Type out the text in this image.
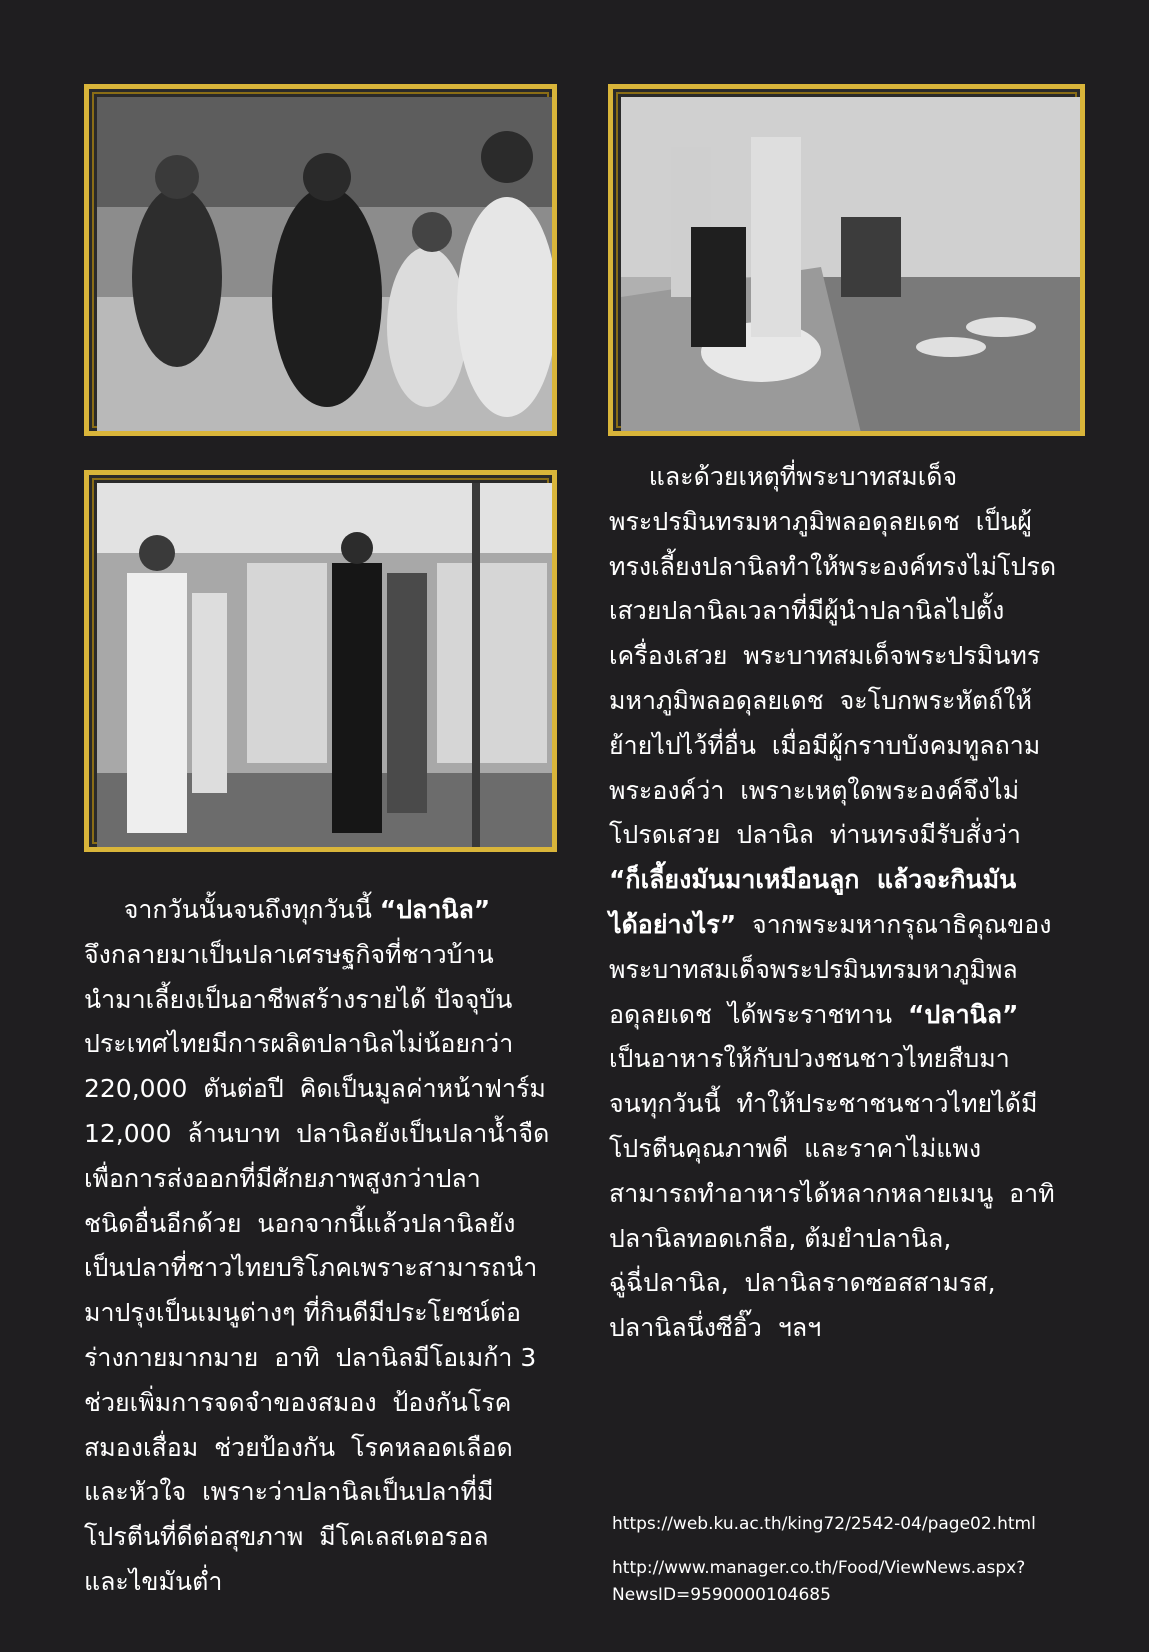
และด้วยเหตุที่พระบาทสมเด็จ

พระปรมินทรมหาภูมิพลอดุลยเดช  เป็นผู้

ทรงเลี้ยงปลานิลทำให้พระองค์ทรงไม่โปรด

เสวยปลานิลเวลาที่มีผู้นำปลานิลไปตั้ง

เครื่องเสวย  พระบาทสมเด็จพระปรมินทร

มหาภูมิพลอดุลยเดช  จะโบกพระหัตถ์ให้

ย้ายไปไว้ที่อื่น  เมื่อมีผู้กราบบังคมทูลถาม

พระองค์ว่า  เพราะเหตุใดพระองค์จึงไม่

โปรดเสวย  ปลานิล  ท่านทรงมีรับสั่งว่า

“ก็เลี้ยงมันมาเหมือนลูก  แล้วจะกินมัน

ได้อย่างไร”  จากพระมหากรุณาธิคุณของ

พระบาทสมเด็จพระปรมินทรมหาภูมิพล

อดุลยเดช  ได้พระราชทาน  “ปลานิล”

เป็นอาหารให้กับปวงชนชาวไทยสืบมา

จนทุกวันนี้  ทำให้ประชาชนชาวไทยได้มี

โปรตีนคุณภาพดี  และราคาไม่แพง

สามารถทำอาหารได้หลากหลายเมนู  อาทิ

ปลานิลทอดเกลือ, ต้มยำปลานิล,

ฉู่ฉี่ปลานิล,  ปลานิลราดซอสสามรส,

ปลานิลนึ่งซีอิ๊ว  ฯลฯ

จากวันนั้นจนถึงทุกวันนี้ “ปลานิล”

จึงกลายมาเป็นปลาเศรษฐกิจที่ชาวบ้าน

นำมาเลี้ยงเป็นอาชีพสร้างรายได้ ปัจจุบัน

ประเทศไทยมีการผลิตปลานิลไม่น้อยกว่า

220,000  ตันต่อปี  คิดเป็นมูลค่าหน้าฟาร์ม

12,000  ล้านบาท  ปลานิลยังเป็นปลาน้ำจืด

เพื่อการส่งออกที่มีศักยภาพสูงกว่าปลา

ชนิดอื่นอีกด้วย  นอกจากนี้แล้วปลานิลยัง

เป็นปลาที่ชาวไทยบริโภคเพราะสามารถนำ

มาปรุงเป็นเมนูต่างๆ ที่กินดีมีประโยชน์ต่อ

ร่างกายมากมาย  อาทิ  ปลานิลมีโอเมก้า 3

ช่วยเพิ่มการจดจำของสมอง  ป้องกันโรค

สมองเสื่อม  ช่วยป้องกัน  โรคหลอดเลือด

และหัวใจ  เพราะว่าปลานิลเป็นปลาที่มี

โปรตีนที่ดีต่อสุขภาพ  มีโคเลสเตอรอล

และไขมันต่ำ

https://web.ku.ac.th/king72/2542-04/page02.html
http://www.manager.co.th/Food/ViewNews.aspx?
NewsID=9590000104685
